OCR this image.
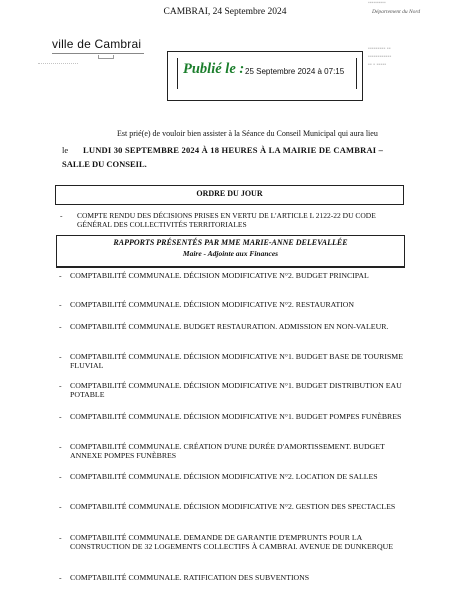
CAMBRAI, 24 Septembre 2024
▪▪▪▪▪▪▪▪▪▪
Département du Nord
ville de Cambrai
Publié le : 25 Septembre 2024 à 07:15
▪▪▪▪▪▪▪▪▪ ▪▪
▪▪▪▪▪▪▪▪▪▪▪▪
▪▪ ▪ ▪▪▪▪▪
Est prié(e) de vouloir bien assister à la Séance du Conseil Municipal qui aura lieu
le LUNDI 30 SEPTEMBRE 2024 À 18 HEURES À LA MAIRIE DE CAMBRAI –
SALLE DU CONSEIL.
ORDRE DU JOUR
- COMPTE RENDU DES DÉCISIONS PRISES EN VERTU DE L'ARTICLE L 2122-22 DU CODE GÉNÉRAL DES COLLECTIVITÉS TERRITORIALES
RAPPORTS PRÉSENTÉS PAR MME MARIE-ANNE DELEVALLÉE
Maire - Adjointe aux Finances
- COMPTABILITÉ COMMUNALE. DÉCISION MODIFICATIVE N°2. BUDGET PRINCIPAL
- COMPTABILITÉ COMMUNALE. DÉCISION MODIFICATIVE N°2. RESTAURATION
- COMPTABILITÉ COMMUNALE. BUDGET RESTAURATION. ADMISSION EN NON-VALEUR.
- COMPTABILITÉ COMMUNALE. DÉCISION MODIFICATIVE N°1. BUDGET BASE DE TOURISME FLUVIAL
- COMPTABILITÉ COMMUNALE. DÉCISION MODIFICATIVE N°1. BUDGET DISTRIBUTION EAU POTABLE
- COMPTABILITÉ COMMUNALE. DÉCISION MODIFICATIVE N°1. BUDGET POMPES FUNÈBRES
- COMPTABILITÉ COMMUNALE. CRÉATION D'UNE DURÉE D'AMORTISSEMENT. BUDGET ANNEXE POMPES FUNÈBRES
- COMPTABILITÉ COMMUNALE. DÉCISION MODIFICATIVE N°2. LOCATION DE SALLES
- COMPTABILITÉ COMMUNALE. DÉCISION MODIFICATIVE N°2. GESTION DES SPECTACLES
- COMPTABILITÉ COMMUNALE. DEMANDE DE GARANTIE D'EMPRUNTS POUR LA CONSTRUCTION DE 32 LOGEMENTS COLLECTIFS À CAMBRAI. AVENUE DE DUNKERQUE
- COMPTABILITÉ COMMUNALE. RATIFICATION DES SUBVENTIONS
